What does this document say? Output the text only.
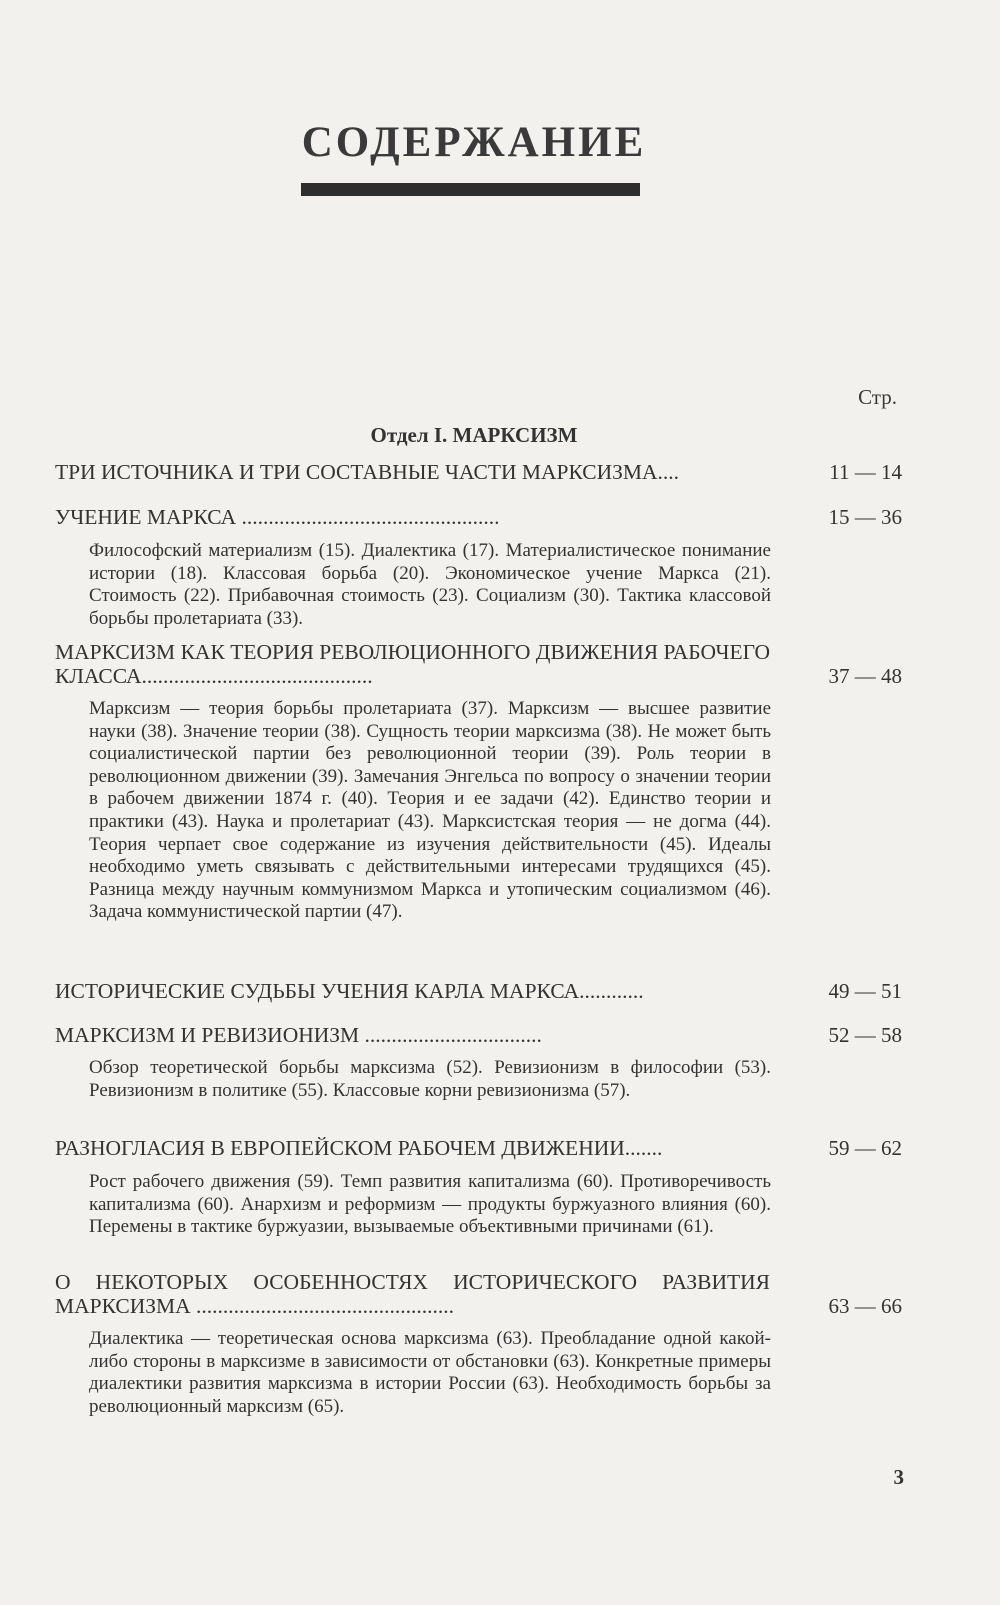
СОДЕРЖАНИЕ
Стр.
Отдел I. МАРКСИЗМ
ТРИ ИСТОЧНИКА И ТРИ СОСТАВНЫЕ ЧАСТИ МАРКСИЗМА....	11 — 14
УЧЕНИЕ МАРКСА ................................................	15 — 36
Философский материализм (15). Диалектика (17). Материалистическое понимание истории (18). Классовая борьба (20). Экономическое учение Маркса (21). Стоимость (22). Прибавочная стоимость (23). Социализм (30). Тактика классовой борьбы пролетариата (33).
МАРКСИЗМ КАК ТЕОРИЯ РЕВОЛЮЦИОННОГО ДВИЖЕНИЯ РАБОЧЕГО КЛАССА...........................................	37 — 48
Марксизм — теория борьбы пролетариата (37). Марксизм — высшее развитие науки (38). Значение теории (38). Сущность теории марксизма (38). Не может быть социалистической партии без революционной теории (39). Роль теории в революционном движении (39). Замечания Энгельса по вопросу о значении теории в рабочем движении 1874 г. (40). Теория и ее задачи (42). Единство теории и практики (43). Наука и пролетариат (43). Марксистская теория — не догма (44). Теория черпает свое содержание из изучения действительности (45). Идеалы необходимо уметь связывать с действительными интересами трудящихся (45). Разница между научным коммунизмом Маркса и утопическим социализмом (46). Задача коммунистической партии (47).
ИСТОРИЧЕСКИЕ СУДЬБЫ УЧЕНИЯ КАРЛА МАРКСА............	49 — 51
МАРКСИЗМ И РЕВИЗИОНИЗМ .................................	52 — 58
Обзор теоретической борьбы марксизма (52). Ревизионизм в философии (53). Ревизионизм в политике (55). Классовые корни ревизионизма (57).
РАЗНОГЛАСИЯ В ЕВРОПЕЙСКОМ РАБОЧЕМ ДВИЖЕНИИ.......	59 — 62
Рост рабочего движения (59). Темп развития капитализма (60). Противоречивость капитализма (60). Анархизм и реформизм — продукты буржуазного влияния (60). Перемены в тактике буржуазии, вызываемые объективными причинами (61).
О НЕКОТОРЫХ ОСОБЕННОСТЯХ ИСТОРИЧЕСКОГО РАЗВИТИЯ МАРКСИЗМА ................................................	63 — 66
Диалектика — теоретическая основа марксизма (63). Преобладание одной какой-либо стороны в марксизме в зависимости от обстановки (63). Конкретные примеры диалектики развития марксизма в истории России (63). Необходимость борьбы за революционный марксизм (65).
3
